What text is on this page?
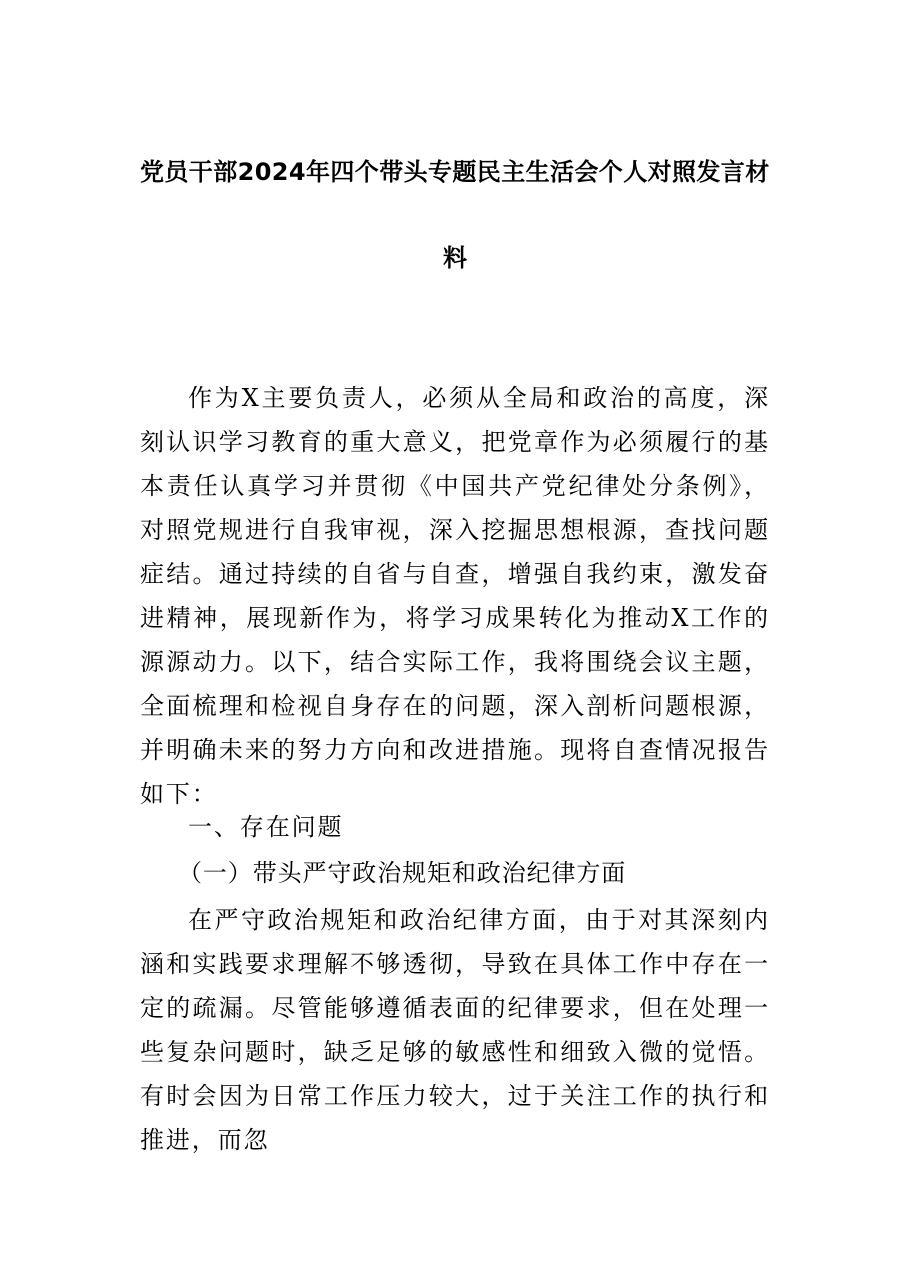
党员干部2024年四个带头专题民主生活会个人对照发言材
料

作为X主要负责人，必须从全局和政治的高度，深刻认识学习教育的重大意义，把党章作为必须履行的基本责任认真学习并贯彻《中国共产党纪律处分条例》，对照党规进行自我审视，深入挖掘思想根源，查找问题症结。通过持续的自省与自查，增强自我约束，激发奋进精神，展现新作为，将学习成果转化为推动X工作的源源动力。以下，结合实际工作，我将围绕会议主题，全面梳理和检视自身存在的问题，深入剖析问题根源，并明确未来的努力方向和改进措施。现将自查情况报告如下：

一、存在问题

（一）带头严守政治规矩和政治纪律方面

在严守政治规矩和政治纪律方面，由于对其深刻内涵和实践要求理解不够透彻，导致在具体工作中存在一定的疏漏。尽管能够遵循表面的纪律要求，但在处理一些复杂问题时，缺乏足够的敏感性和细致入微的觉悟。有时会因为日常工作压力较大，过于关注工作的执行和推进，而忽
